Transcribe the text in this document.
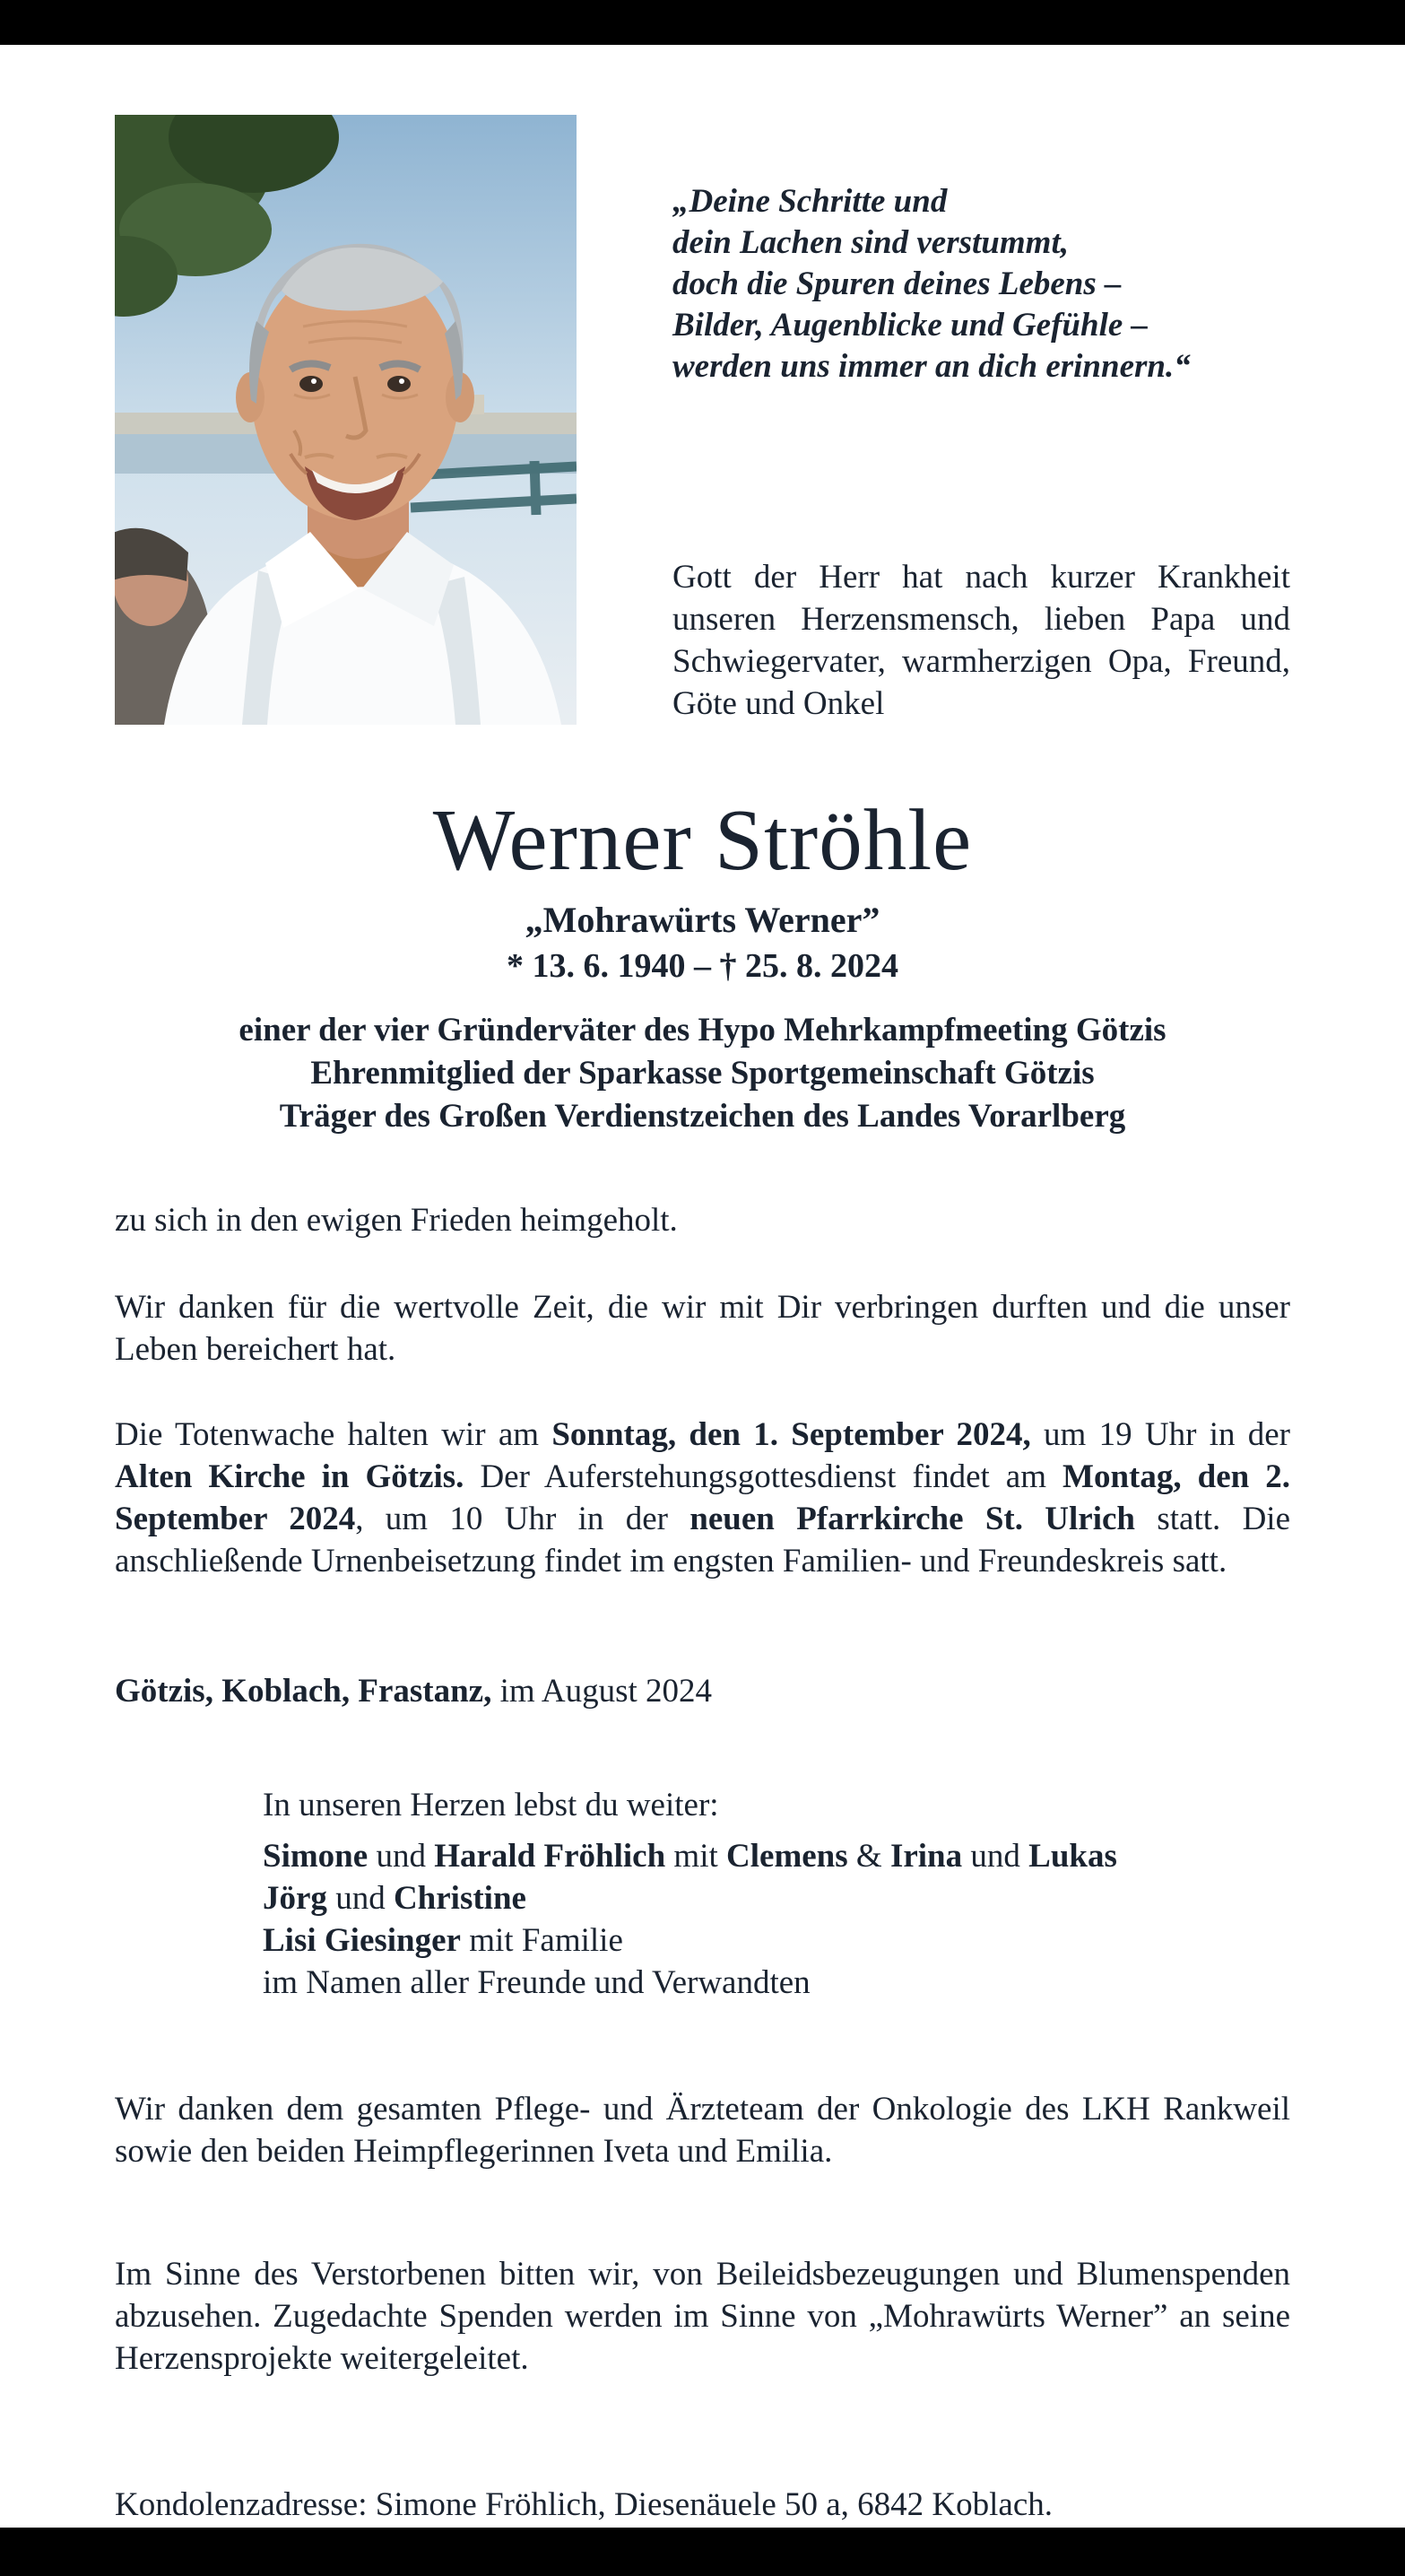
„Deine Schritte und
dein Lachen sind verstummt,
doch die Spuren deines Lebens –
Bilder, Augenblicke und Gefühle –
werden uns immer an dich erinnern.“
Gott der Herr hat nach kurzer Krankheit unseren Herzensmensch, lieben Papa und Schwiegervater, warmherzigen Opa, Freund, Göte und Onkel
Werner Ströhle
„Mohrawürts Werner”
* 13. 6. 1940 – † 25. 8. 2024
einer der vier Gründerväter des Hypo Mehrkampfmeeting Götzis
Ehrenmitglied der Sparkasse Sportgemeinschaft Götzis
Träger des Großen Verdienstzeichen des Landes Vorarlberg
zu sich in den ewigen Frieden heimgeholt.
Wir danken für die wertvolle Zeit, die wir mit Dir verbringen durften und die unser Leben bereichert hat.
Die Totenwache halten wir am Sonntag, den 1. September 2024, um 19 Uhr in der Alten Kirche in Götzis. Der Auferstehungsgottesdienst findet am Montag, den 2. September 2024, um 10 Uhr in der neuen Pfarrkirche St. Ulrich statt. Die anschließende Urnenbeisetzung findet im engsten Familien- und Freundeskreis satt.
Götzis, Koblach, Frastanz, im August 2024
In unseren Herzen lebst du weiter:
Simone und Harald Fröhlich mit Clemens & Irina und Lukas
Jörg und Christine
Lisi Giesinger mit Familie
im Namen aller Freunde und Verwandten
Wir danken dem gesamten Pflege- und Ärzteteam der Onkologie des LKH Rankweil sowie den beiden Heimpflegerinnen Iveta und Emilia.
Im Sinne des Verstorbenen bitten wir, von Beileidsbezeugungen und Blumenspenden abzusehen. Zugedachte Spenden werden im Sinne von „Mohrawürts Werner” an seine Herzensprojekte weitergeleitet.
Kondolenzadresse: Simone Fröhlich, Diesenäuele 50 a, 6842 Koblach.
